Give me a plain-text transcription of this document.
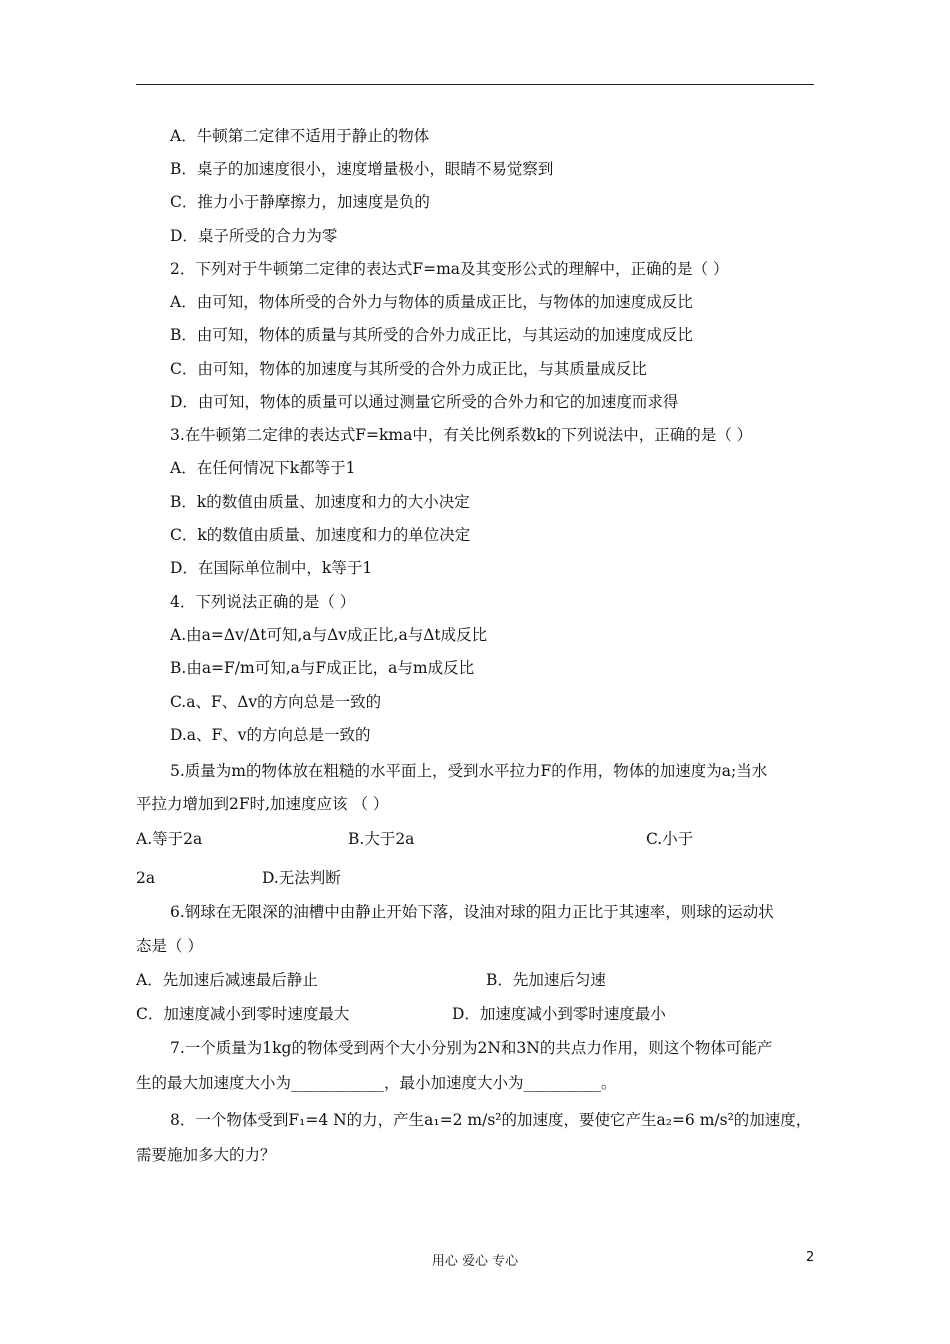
A．牛顿第二定律不适用于静止的物体
B．桌子的加速度很小，速度增量极小，眼睛不易觉察到
C．推力小于静摩擦力，加速度是负的
D．桌子所受的合力为零
2．下列对于牛顿第二定律的表达式F=ma及其变形公式的理解中，正确的是（ ）
A．由可知，物体所受的合外力与物体的质量成正比，与物体的加速度成反比
B．由可知，物体的质量与其所受的合外力成正比，与其运动的加速度成反比
C．由可知，物体的加速度与其所受的合外力成正比，与其质量成反比
D．由可知，物体的质量可以通过测量它所受的合外力和它的加速度而求得
3.在牛顿第二定律的表达式F=kma中，有关比例系数k的下列说法中，正确的是（ ）
A．在任何情况下k都等于1
B．k的数值由质量、加速度和力的大小决定
C．k的数值由质量、加速度和力的单位决定
D．在国际单位制中，k等于1
4．下列说法正确的是（ ）
A.由a=Δv/Δt可知,a与Δv成正比,a与Δt成反比
B.由a=F/m可知,a与F成正比，a与m成反比
C.a、F、Δv的方向总是一致的
D.a、F、v的方向总是一致的
5.质量为m的物体放在粗糙的水平面上，受到水平拉力F的作用，物体的加速度为a;当水
平拉力增加到2F时,加速度应该 （ ）
A.等于2a	B.大于2a	C.小于
2a	D.无法判断
6.钢球在无限深的油槽中由静止开始下落，设油对球的阻力正比于其速率，则球的运动状
态是（ ）
A．先加速后减速最后静止	B．先加速后匀速
C．加速度减小到零时速度最大	D．加速度减小到零时速度最小
7.一个质量为1kg的物体受到两个大小分别为2N和3N的共点力作用，则这个物体可能产
生的最大加速度大小为____________，最小加速度大小为__________。
8．一个物体受到F₁=4 N的力，产生a₁=2 m/s²的加速度，要使它产生a₂=6 m/s²的加速度，
需要施加多大的力？
用心 爱心 专心	2
